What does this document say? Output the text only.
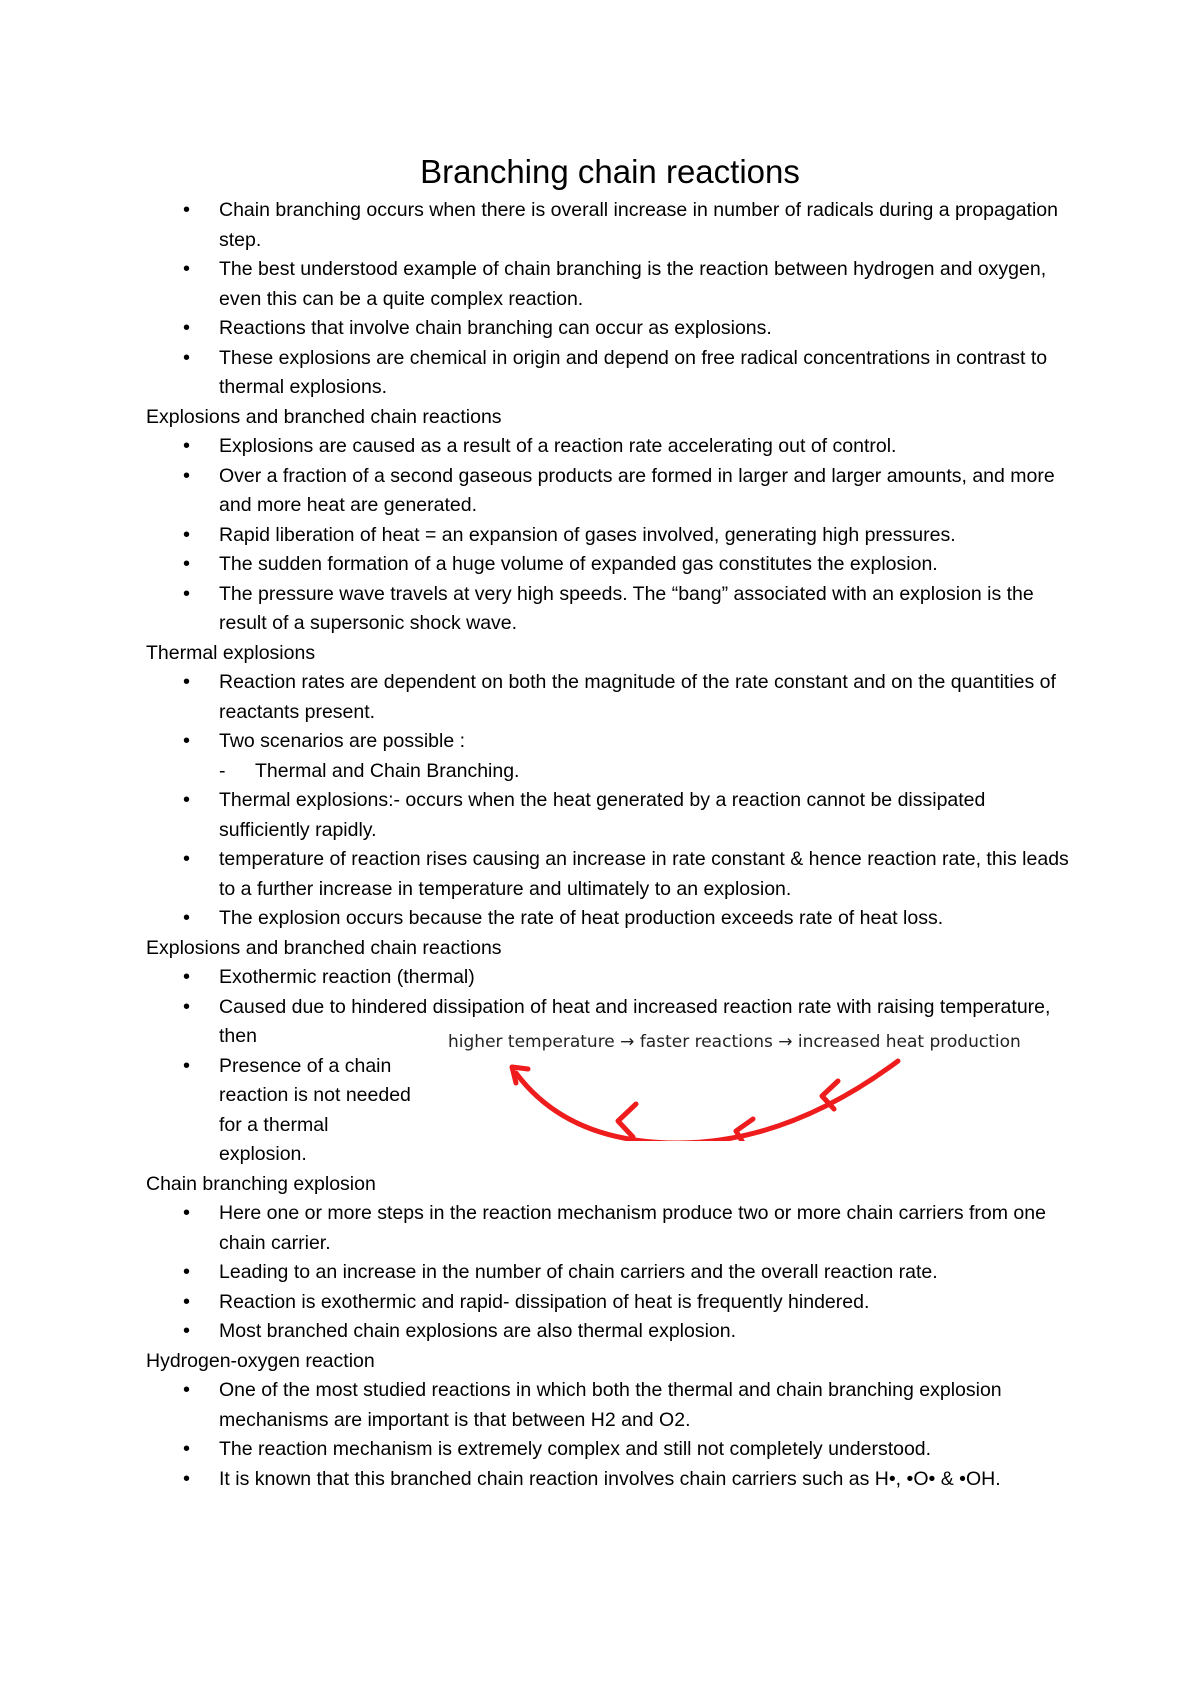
Branching chain reactions
• Chain branching occurs when there is overall increase in number of radicals during a propagation step.
• The best understood example of chain branching is the reaction between hydrogen and oxygen, even this can be a quite complex reaction.
• Reactions that involve chain branching can occur as explosions.
• These explosions are chemical in origin and depend on free radical concentrations in contrast to thermal explosions.

Explosions and branched chain reactions

• Explosions are caused as a result of a reaction rate accelerating out of control.
• Over a fraction of a second gaseous products are formed in larger and larger amounts, and more and more heat are generated.
• Rapid liberation of heat = an expansion of gases involved, generating high pressures.
• The sudden formation of a huge volume of expanded gas constitutes the explosion.
• The pressure wave travels at very high speeds. The “bang” associated with an explosion is the result of a supersonic shock wave.

Thermal explosions

• Reaction rates are dependent on both the magnitude of the rate constant and on the quantities of reactants present.
• Two scenarios are possible :
- Thermal and Chain Branching.
• Thermal explosions:- occurs when the heat generated by a reaction cannot be dissipated sufficiently rapidly.
• temperature of reaction rises causing an increase in rate constant & hence reaction rate, this leads to a further increase in temperature and ultimately to an explosion.
• The explosion occurs because the rate of heat production exceeds rate of heat loss.

Explosions and branched chain reactions

• Exothermic reaction (thermal)
• Caused due to hindered dissipation of heat and increased reaction rate with raising temperature, then
• Presence of a chain reaction is not needed for a thermal explosion.

Chain branching explosion

• Here one or more steps in the reaction mechanism produce two or more chain carriers from one chain carrier.
• Leading to an increase in the number of chain carriers and the overall reaction rate.
• Reaction is exothermic and rapid- dissipation of heat is frequently hindered.
• Most branched chain explosions are also thermal explosion.

Hydrogen-oxygen reaction

• One of the most studied reactions in which both the thermal and chain branching explosion mechanisms are important is that between H2 and O2.
• The reaction mechanism is extremely complex and still not completely understood.
• It is known that this branched chain reaction involves chain carriers such as H•, •O• & •OH.
higher temperature → faster reactions → increased heat production
